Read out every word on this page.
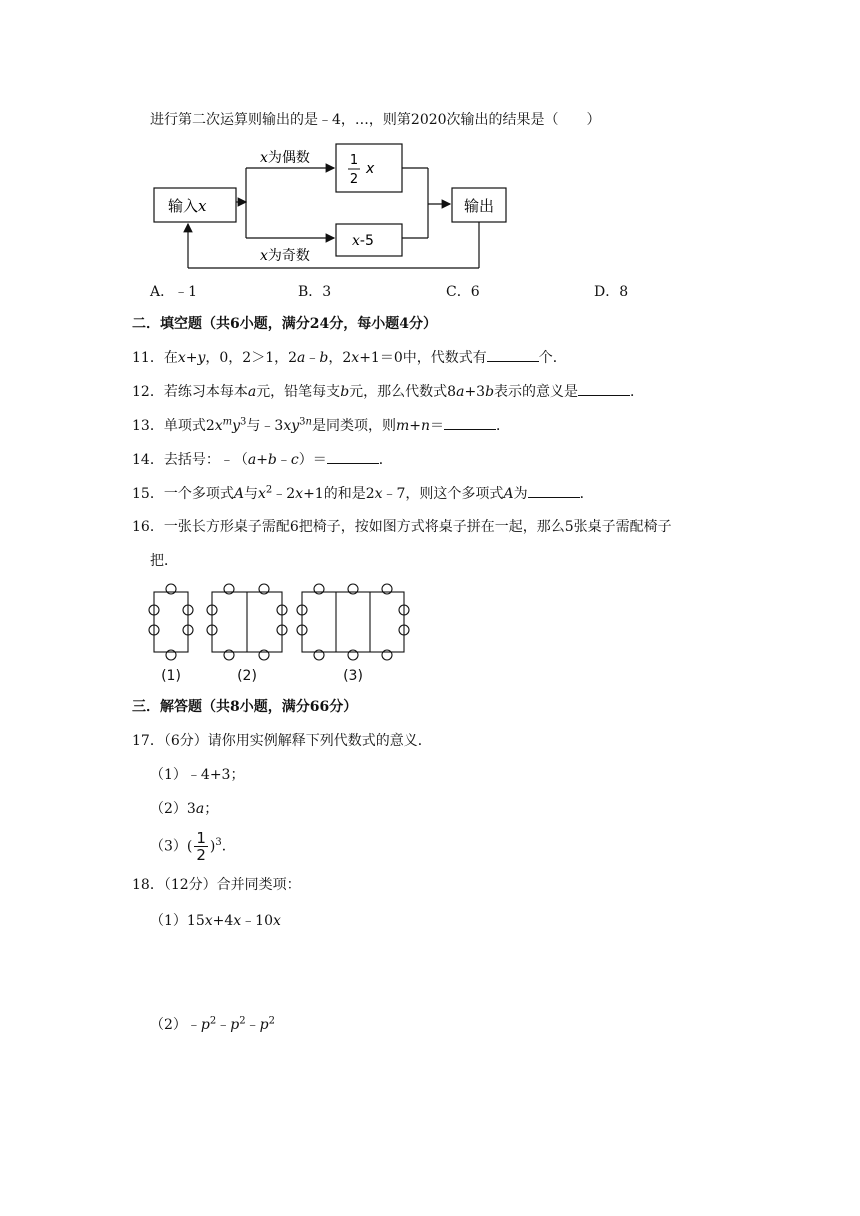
进行第二次运算则输出的是﹣4，…，则第2020次输出的结果是（　　）
输入x
x为偶数	1
2
x
x为奇数
x-5
输出
A．﹣1	B．3	C．6	D．8
二．填空题（共6小题，满分24分，每小题4分）
11．在x+y，0，2＞1，2a﹣b，2x+1＝0中，代数式有	个．
12．若练习本每本a元，铅笔每支b元，那么代数式8a+3b表示的意义是	．
13．单项式$2x^my^3$与$﹣3xy^{3n}$是同类项，则m+n＝	．
14．去括号：﹣（a+b﹣c）＝	．
15．一个多项式A与$x^2﹣2x+1$的和是2x﹣7，则这个多项式A为	．
16．一张长方形桌子需配6把椅子，按如图方式将桌子拼在一起，那么5张桌子需配椅子
把．
(1)	(2)	(3)
三．解答题（共8小题，满分66分）
17．（6分）请你用实例解释下列代数式的意义．
（1）﹣4+3；
（2）3a；
$(3)( \frac{1}{2} )^3$．
18．（12分）合并同类项：
（1）15x+4x﹣10x
$(2)﹣p^2﹣p^2﹣p^2$
